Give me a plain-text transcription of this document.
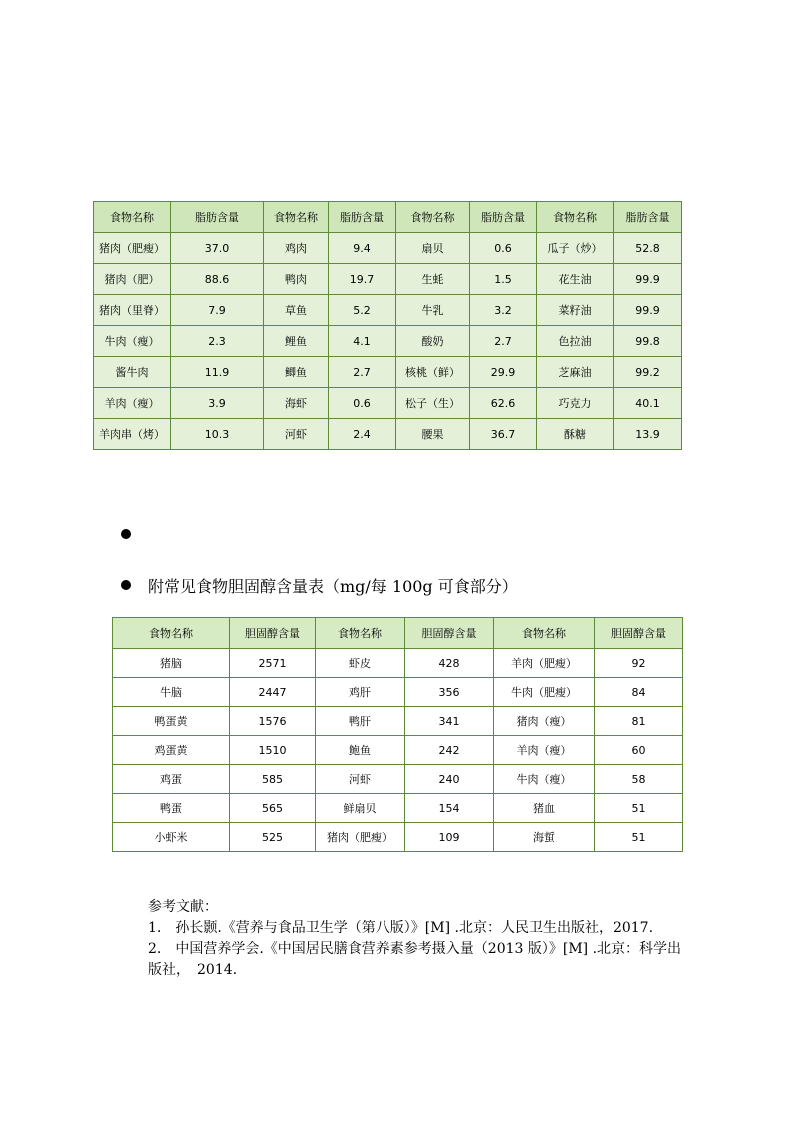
食物名称	脂肪含量	食物名称	脂肪含量	食物名称	脂肪含量	食物名称	脂肪含量
猪肉（肥瘦）	37.0	鸡肉	9.4	扇贝	0.6	瓜子（炒）	52.8
猪肉（肥）	88.6	鸭肉	19.7	生蚝	1.5	花生油	99.9
猪肉（里脊）	7.9	草鱼	5.2	牛乳	3.2	菜籽油	99.9
牛肉（瘦）	2.3	鲤鱼	4.1	酸奶	2.7	色拉油	99.8
酱牛肉	11.9	鲫鱼	2.7	核桃（鲜）	29.9	芝麻油	99.2
羊肉（瘦）	3.9	海虾	0.6	松子（生）	62.6	巧克力	40.1
羊肉串（烤）	10.3	河虾	2.4	腰果	36.7	酥糖	13.9
附常见食物胆固醇含量表（mg/每 100g 可食部分）
食物名称	胆固醇含量	食物名称	胆固醇含量	食物名称	胆固醇含量
猪脑	2571	虾皮	428	羊肉（肥瘦）	92
牛脑	2447	鸡肝	356	牛肉（肥瘦）	84
鸭蛋黄	1576	鸭肝	341	猪肉（瘦）	81
鸡蛋黄	1510	鲍鱼	242	羊肉（瘦）	60
鸡蛋	585	河虾	240	牛肉（瘦）	58
鸭蛋	565	鲜扇贝	154	猪血	51
小虾米	525	猪肉（肥瘦）	109	海蜇	51
参考文献：
1.　孙长颢.《营养与食品卫生学（第八版）》[M] .北京：人民卫生出版社，2017.
2.　中国营养学会.《中国居民膳食营养素参考摄入量（2013 版）》[M] .北京：科学出版社，　2014.
